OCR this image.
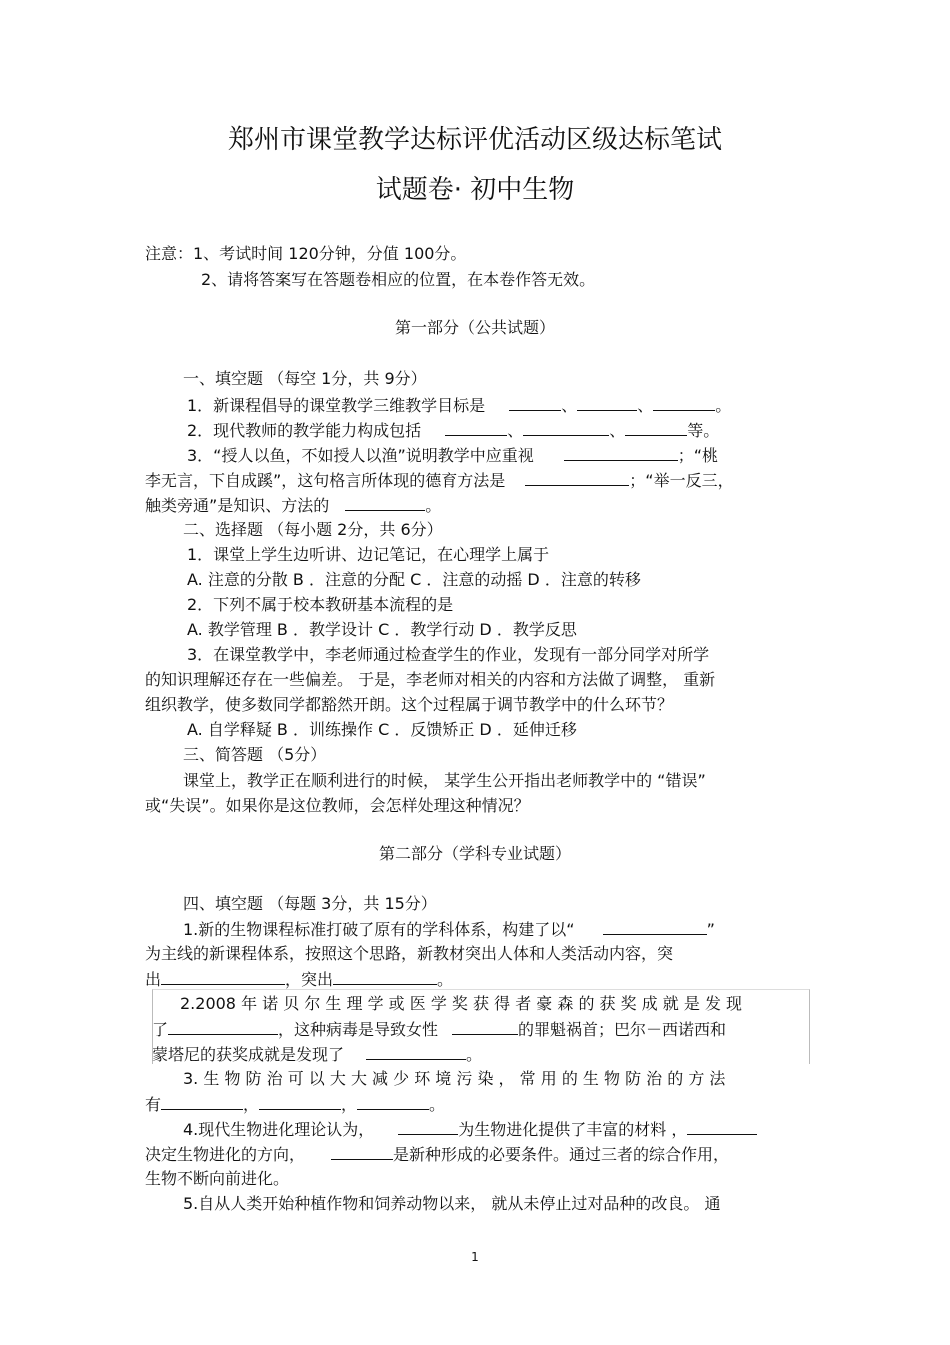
郑州市课堂教学达标评优活动区级达标笔试
试题卷· 初中生物
注意：1、考试时间 120分钟，分值 100分。
2、请将答案写在答题卷相应的位置，在本卷作答无效。
第一部分（公共试题）
一、填空题 （每空 1分，共 9分）
1．新课程倡导的课堂教学三维教学目标是	、	、	。
2．现代教师的教学能力构成包括	、	、	等。
3．“授人以鱼，不如授人以渔”说明教学中应重视	；“桃
李无言，下自成蹊”，这句格言所体现的德育方法是	；“举一反三，
触类旁通”是知识、方法的	。
二、选择题 （每小题 2分，共 6分）
1．课堂上学生边听讲、边记笔记，在心理学上属于
A. 注意的分散 B ．注意的分配 C ．注意的动摇 D ．注意的转移
2．下列不属于校本教研基本流程的是
A. 教学管理 B ．教学设计 C ．教学行动 D ．教学反思
3．在课堂教学中，李老师通过检查学生的作业，发现有一部分同学对所学
的知识理解还存在一些偏差。 于是，李老师对相关的内容和方法做了调整， 重新
组织教学，使多数同学都豁然开朗。这个过程属于调节教学中的什么环节？
A. 自学释疑 B ．训练操作 C ．反馈矫正 D ．延伸迁移
三、简答题 （5分）
课堂上，教学正在顺利进行的时候， 某学生公开指出老师教学中的 “错误”
或“失误”。如果你是这位教师，会怎样处理这种情况？
第二部分（学科专业试题）
四、填空题 （每题 3分，共 15分）
1.新的生物课程标准打破了原有的学科体系，构建了以“	”
为主线的新课程体系，按照这个思路，新教材突出人体和人类活动内容，突
出	，突出	。
2.2008 年 诺 贝 尔 生 理 学 或 医 学 奖 获 得 者 豪 森 的 获 奖 成 就 是 发 现
了	，这种病毒是导致女性	的罪魁祸首；巴尔－西诺西和
蒙塔尼的获奖成就是发现了	。
3. 生 物 防 治 可 以 大 大 减 少 环 境 污 染 ， 常 用 的 生 物 防 治 的 方 法
有	，	，	。
4.现代生物进化理论认为，	为生物进化提供了丰富的材料 ，
决定生物进化的方向，	是新种形成的必要条件。通过三者的综合作用，
生物不断向前进化。
5.自从人类开始种植作物和饲养动物以来， 就从未停止过对品种的改良。 通
1
